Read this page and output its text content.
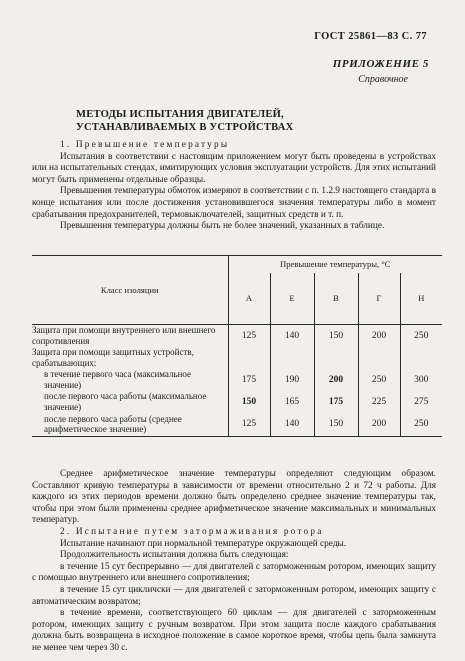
ГОСТ 25861—83 С. 77
ПРИЛОЖЕНИЕ 5
Справочное
МЕТОДЫ ИСПЫТАНИЯ ДВИГАТЕЛЕЙ, УСТАНАВЛИВАЕМЫХ В УСТРОЙСТВАХ

1. Превышение температуры

Испытания в соответствии с настоящим приложением могут быть проведены в устройствах или на испытательных стендах, имитирующих условия эксплуатации устройств. Для этих испытаний могут быть применены отдельные образцы.

Превышения температуры обмоток измеряют в соответствии с п. 1.2.9 настоящего стандарта в конце испытания или после достижения установившегося значения температуры либо в момент срабатывания предохранителей, термовыключателей, защитных средств и т. п.

Превышения температуры должны быть не более значений, указанных в таблице.

Класс изоляции	Превышение температуры, °C				
	А	Е	В	Г	Н
Защита при помощи внутреннего или внешнего сопротивления	125	140	150	200	250
Защита при помощи защитных устройств, срабатывающих:					
в течение первого часа (максимальное значение)	175	190	200	250	300
после первого часа работы (максимальное значение)	150	165	175	225	275
после первого часа работы (среднее арифметическое значение)	125	140	150	200	250

Среднее арифметическое значение температуры определяют следующим образом. Составляют кривую температуры в зависимости от времени относительно 2 и 72 ч работы. Для каждого из этих периодов времени должно быть определено среднее значение температуры так, чтобы при этом были применены среднее арифметическое значение максимальных и минимальных температур.

2. Испытание путем затормаживания ротора

Испытание начинают при нормальной температуре окружающей среды.

Продолжительность испытания должна быть следующая:

в течение 15 сут беспрерывно — для двигателей с заторможенным ротором, имеющих защиту с помощью внутреннего или внешнего сопротивления;

в течение 15 сут цикличски — для двигателей с заторможенным ротором, имеющих защиту с автоматическим возвратом;

в течение времени, соответствующего 60 циклам — для двигателей с заторможенным ротором, имеющих защиту с ручным возвратом. При этом защита после каждого срабатывания должна быть возвращена в исходное положение в самое короткое время, чтобы цепь была замкнута не менее чем через 30 с.
